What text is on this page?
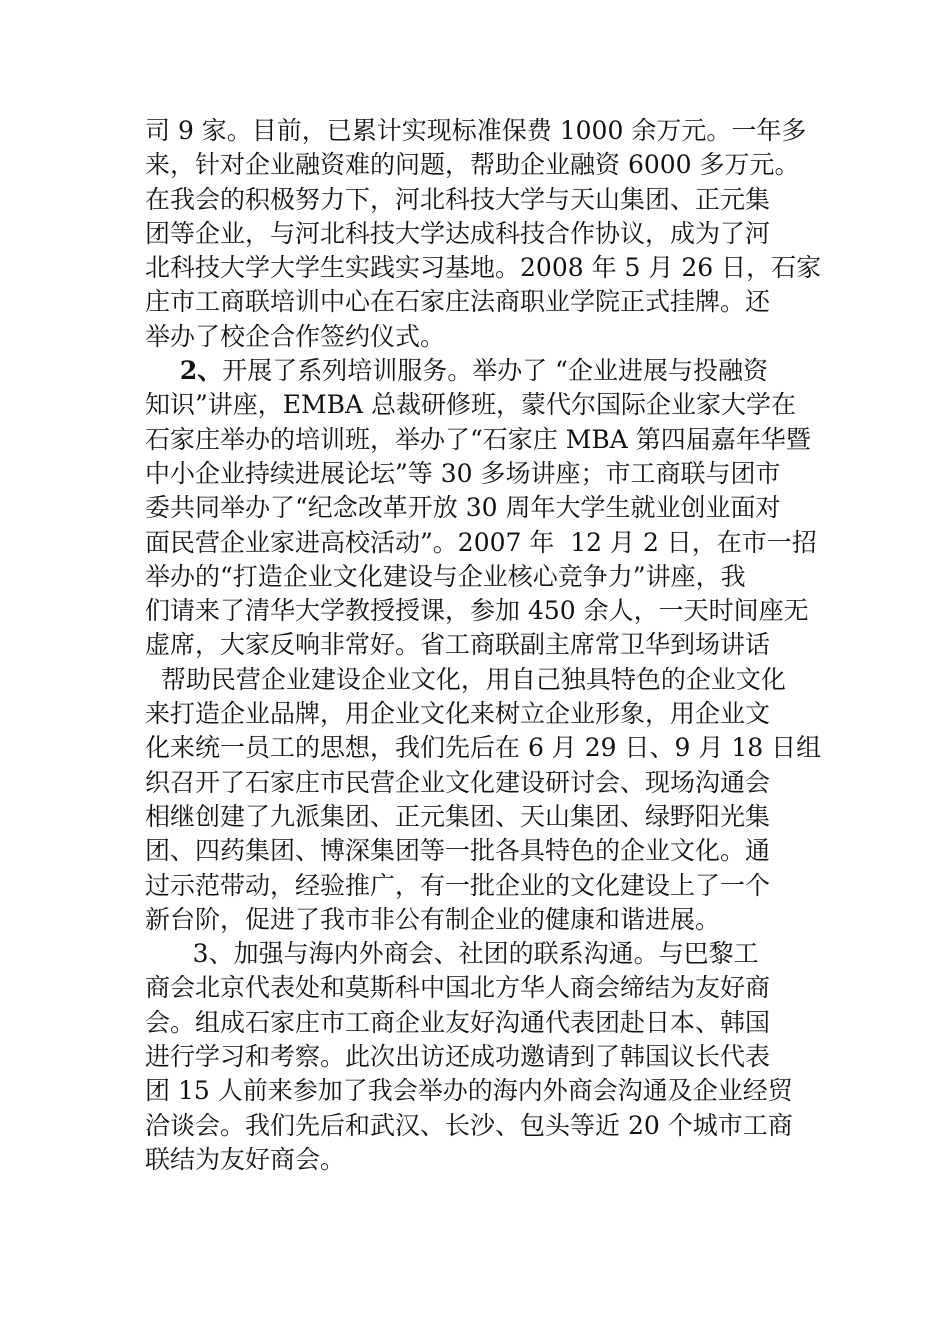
司 9 家。目前，已累计实现标准保费 1000 余万元。一年多
来，针对企业融资难的问题，帮助企业融资 6000 多万元。
在我会的积极努力下，河北科技大学与天山集团、正元集
团等企业，与河北科技大学达成科技合作协议，成为了河
北科技大学大学生实践实习基地。2008 年 5 月 26 日，石家
庄市工商联培训中心在石家庄法商职业学院正式挂牌。还
举办了校企合作签约仪式。
2、开展了系列培训服务。举办了 “企业进展与投融资
知识”讲座，EMBA 总裁研修班，蒙代尔国际企业家大学在
石家庄举办的培训班，举办了“石家庄 MBA 第四届嘉年华暨
中小企业持续进展论坛”等 30 多场讲座；市工商联与团市
委共同举办了“纪念改革开放 30 周年大学生就业创业面对
面民营企业家进高校活动”。2007 年  12 月 2 日，在市一招
举办的“打造企业文化建设与企业核心竞争力”讲座，我
们请来了清华大学教授授课，参加 450 余人，一天时间座无
虚席，大家反响非常好。省工商联副主席常卫华到场讲话
帮助民营企业建设企业文化，用自己独具特色的企业文化
来打造企业品牌，用企业文化来树立企业形象，用企业文
化来统一员工的思想，我们先后在 6 月 29 日、9 月 18 日组
织召开了石家庄市民营企业文化建设研讨会、现场沟通会
相继创建了九派集团、正元集团、天山集团、绿野阳光集
团、四药集团、博深集团等一批各具特色的企业文化。通
过示范带动，经验推广，有一批企业的文化建设上了一个
新台阶，促进了我市非公有制企业的健康和谐进展。
3、加强与海内外商会、社团的联系沟通。与巴黎工
商会北京代表处和莫斯科中国北方华人商会缔结为友好商
会。组成石家庄市工商企业友好沟通代表团赴日本、韩国
进行学习和考察。此次出访还成功邀请到了韩国议长代表
团 15 人前来参加了我会举办的海内外商会沟通及企业经贸
洽谈会。我们先后和武汉、长沙、包头等近 20 个城市工商
联结为友好商会。
